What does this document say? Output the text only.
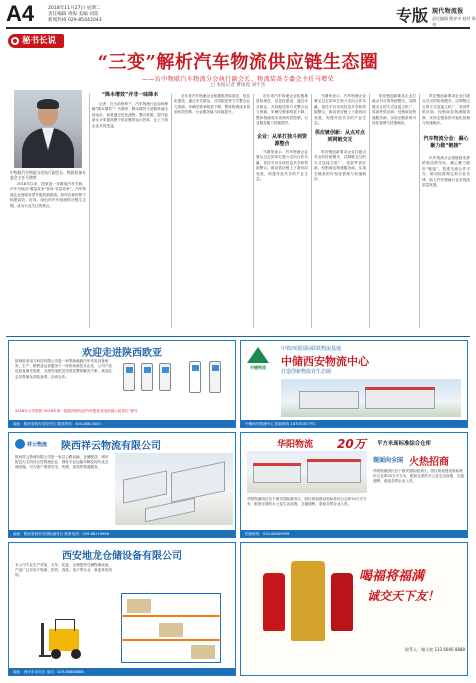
A4	2018年11月27日 星期二
责任编辑 黄海 美编 刘雷
新闻热线 029-85442043	专版 现代物流报
责任编辑 熊祥中 校对 陈 刘
秘书长说
“三变”解析汽车物流供应链生态圈
——访中物联汽车物流分会执行副会长、物流装备专委会主任马增荣
□ 本报记者 曹雨葭 刘宇杰
中物联汽车物流分会执行副会长、物流装备专委会主任马增荣

2018年以来，国家进一步降低汽车关税，汽车市场由“增量竞争”转向“存量竞争”，汽车物流企业面临转型升级的新挑战。如何在新形势下构建高效、协同、绿色的汽车物流供应链生态圈，成为行业关注的焦点。

“降本增效”并非一味降本

记者：在当前形势下，汽车物流行业如何理解“降本增效”？马增荣：降本增效不是简单地压低运价，而是通过优化流程、整合资源、提升装备水平来提高整个供应链的运行效率，让上下游企业共同受益。

近年来汽车物流企业积极推进标准化、信息化建设，通过多式联运、共同配送等方式整合运力资源，车辆空驶率明显下降，整体物流成本得到有效控制，行业服务能力持续提升。

企业：从单打独斗到资源整合

近年来汽车物流企业积极推进标准化、信息化建设，通过多式联运、共同配送等方式整合运力资源，车辆空驶率明显下降，整体物流成本得到有效控制，行业服务能力持续提升。

马增荣表示，汽车物流企业要从过去的单打独斗走向合作共赢，依托平台实现信息共享和资源整合，推动供应链上下游协同发展，构建开放共享的产业生态。

马增荣表示，汽车物流企业要从过去的单打独斗走向合作共赢，依托平台实现信息共享和资源整合，推动供应链上下游协同发展，构建开放共享的产业生态。

供应链创新：从点对点到网链交互

供应链创新要求企业打破点对点的传统模式，以网链交互的方式连接主机厂、零部件供应商、经销商及物流服务商，实现全链条的可视化管理与快速响应。

供应链创新要求企业打破点对点的传统模式，以网链交互的方式连接主机厂、零部件供应商、经销商及物流服务商，实现全链条的可视化管理与快速响应。

供应链创新要求企业打破点对点的传统模式，以网链交互的方式连接主机厂、零部件供应商、经销商及物流服务商，实现全链条的可视化管理与快速响应。

汽车物流分会：凝心聚力做“链接”

汽车物流分会将继续发挥桥梁纽带作用，凝心聚力做好“链接”，搭建交流合作平台，推动标准制定和行业自律，助力汽车物流行业实现高质量发展。

欢迎走进陕西欧亚
陕西欧亚电力科技有限公司是一家集新能源汽车充电设备研发、生产、销售及运营服务于一体的高新技术企业，公司产品包括直流充电桩、交流充电桩及充电站整体解决方案，欢迎社会各界朋友莅临参观、洽谈合作。
2018年公司荣获“2018年第一批陕西省电动汽车配套充电设施示范单位”称号
地址：陕西省西安市经开区 服务热线：400-888-0000
中捷物流
中铁西部国际联铁物流基地
中储西安物流中心
打造创新物流业生态圈
中储西安物流中心 招商热线 18705187791
祥云物流 陕西祥云物流有限公司
陕西祥云物流有限公司是一家以公路运输、仓储配送、城市配送为主的综合性物流企业，拥有专业运输车辆及现代化仓储设施，可为客户提供安全、快捷、高效的物流服务。
地址：陕西省西安市国际港务区 联系电话：029-88119996
华阳物流	20万	平方米高标准综合仓库
现面向全国 火热招商
华阳物流园区位于西安国际港务区，园区规划建设高标准综合仓库20万平方米，配套完善的办公及生活设施，交通便利，欢迎各界企业入驻。
华阳物流园区位于西安国际港务区，园区规划建设高标准综合仓库20万平方米，配套完善的办公及生活设施，交通便利，欢迎各界企业入驻。
招商热线：029-88009999
西安地龙仓储设备有限公司
本公司专业生产货架、叉车、托盘、仓储笼等仓储物流设备，产品广泛应用于物流、医药、食品、电子等行业，欢迎来电咨询。
地址：西安市未央区 电话：029-86888888
喝福将福满
诚交天下友！
联系人：谢小波 133 6666 8888
